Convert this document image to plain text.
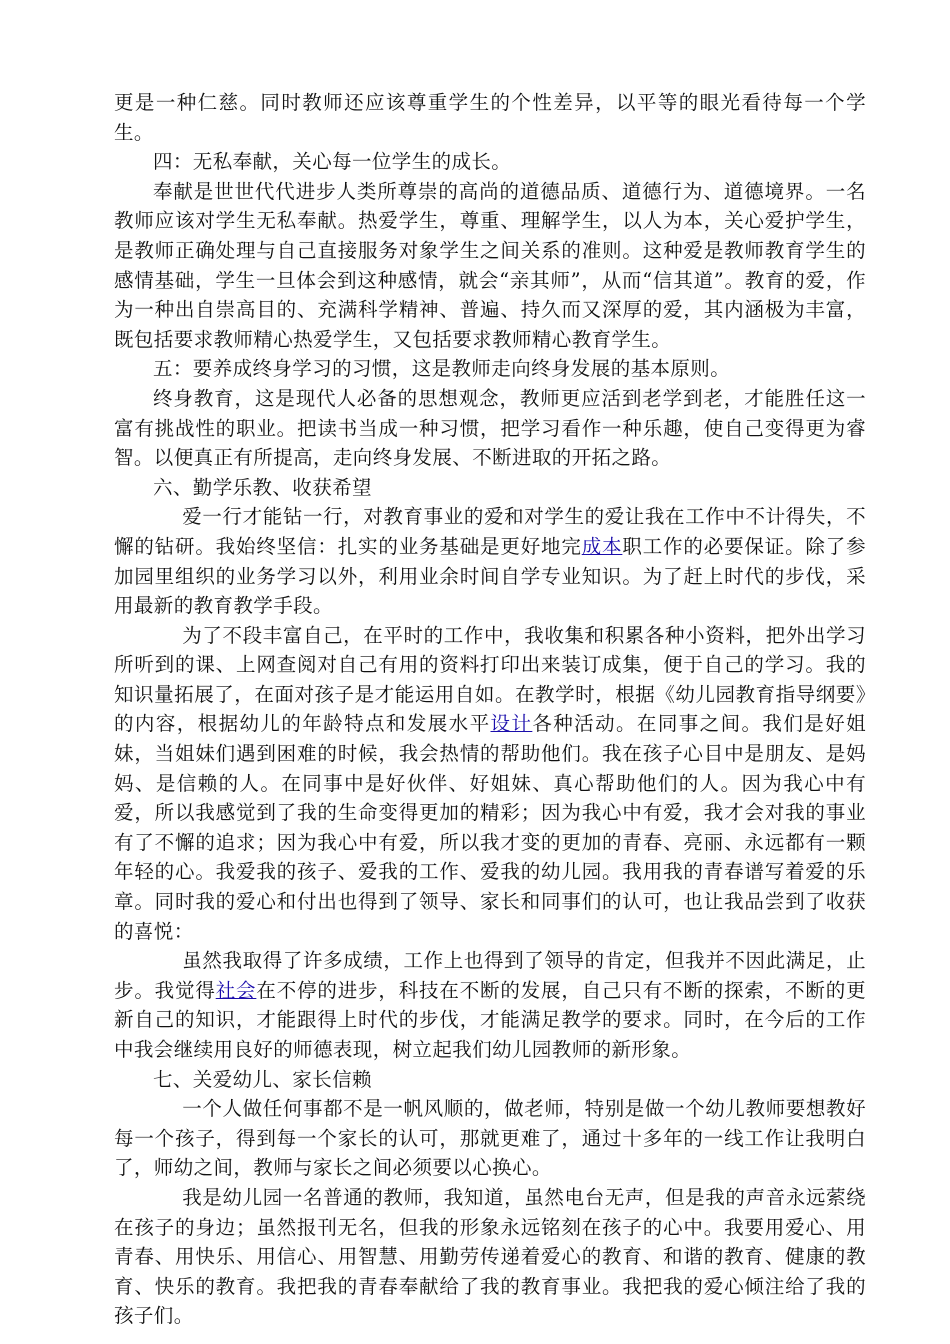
更是一种仁慈。同时教师还应该尊重学生的个性差异，以平等的眼光看待每一个学生。

四：无私奉献，关心每一位学生的成长。

奉献是世世代代进步人类所尊崇的高尚的道德品质、道德行为、道德境界。一名教师应该对学生无私奉献。热爱学生，尊重、理解学生，以人为本，关心爱护学生，是教师正确处理与自己直接服务对象学生之间关系的准则。这种爱是教师教育学生的感情基础，学生一旦体会到这种感情，就会“亲其师”，从而“信其道”。教育的爱，作为一种出自崇高目的、充满科学精神、普遍、持久而又深厚的爱，其内涵极为丰富，既包括要求教师精心热爱学生，又包括要求教师精心教育学生。

五：要养成终身学习的习惯，这是教师走向终身发展的基本原则。

终身教育，这是现代人必备的思想观念，教师更应活到老学到老，才能胜任这一富有挑战性的职业。把读书当成一种习惯，把学习看作一种乐趣，使自己变得更为睿智。以便真正有所提高，走向终身发展、不断进取的开拓之路。

六、勤学乐教、收获希望

爱一行才能钻一行，对教育事业的爱和对学生的爱让我在工作中不计得失，不懈的钻研。我始终坚信：扎实的业务基础是更好地完成本职工作的必要保证。除了参加园里组织的业务学习以外，利用业余时间自学专业知识。为了赶上时代的步伐，采用最新的教育教学手段。

为了不段丰富自己，在平时的工作中，我收集和积累各种小资料，把外出学习所听到的课、上网查阅对自己有用的资料打印出来装订成集，便于自己的学习。我的知识量拓展了，在面对孩子是才能运用自如。在教学时，根据《幼儿园教育指导纲要》的内容，根据幼儿的年龄特点和发展水平设计各种活动。在同事之间。我们是好姐妹，当姐妹们遇到困难的时候，我会热情的帮助他们。我在孩子心目中是朋友、是妈妈、是信赖的人。在同事中是好伙伴、好姐妹、真心帮助他们的人。因为我心中有爱，所以我感觉到了我的生命变得更加的精彩；因为我心中有爱，我才会对我的事业有了不懈的追求；因为我心中有爱，所以我才变的更加的青春、亮丽、永远都有一颗年轻的心。我爱我的孩子、爱我的工作、爱我的幼儿园。我用我的青春谱写着爱的乐章。同时我的爱心和付出也得到了领导、家长和同事们的认可，也让我品尝到了收获的喜悦：

虽然我取得了许多成绩，工作上也得到了领导的肯定，但我并不因此满足，止步。我觉得社会在不停的进步，科技在不断的发展，自己只有不断的探索，不断的更新自己的知识，才能跟得上时代的步伐，才能满足教学的要求。同时，在今后的工作中我会继续用良好的师德表现，树立起我们幼儿园教师的新形象。

七、关爱幼儿、家长信赖

一个人做任何事都不是一帆风顺的，做老师，特别是做一个幼儿教师要想教好每一个孩子，得到每一个家长的认可，那就更难了，通过十多年的一线工作让我明白了，师幼之间，教师与家长之间必须要以心换心。

我是幼儿园一名普通的教师，我知道，虽然电台无声，但是我的声音永远萦绕在孩子的身边；虽然报刊无名，但我的形象永远铭刻在孩子的心中。我要用爱心、用青春、用快乐、用信心、用智慧、用勤劳传递着爱心的教育、和谐的教育、健康的教育、快乐的教育。我把我的青春奉献给了我的教育事业。我把我的爱心倾注给了我的孩子们。
